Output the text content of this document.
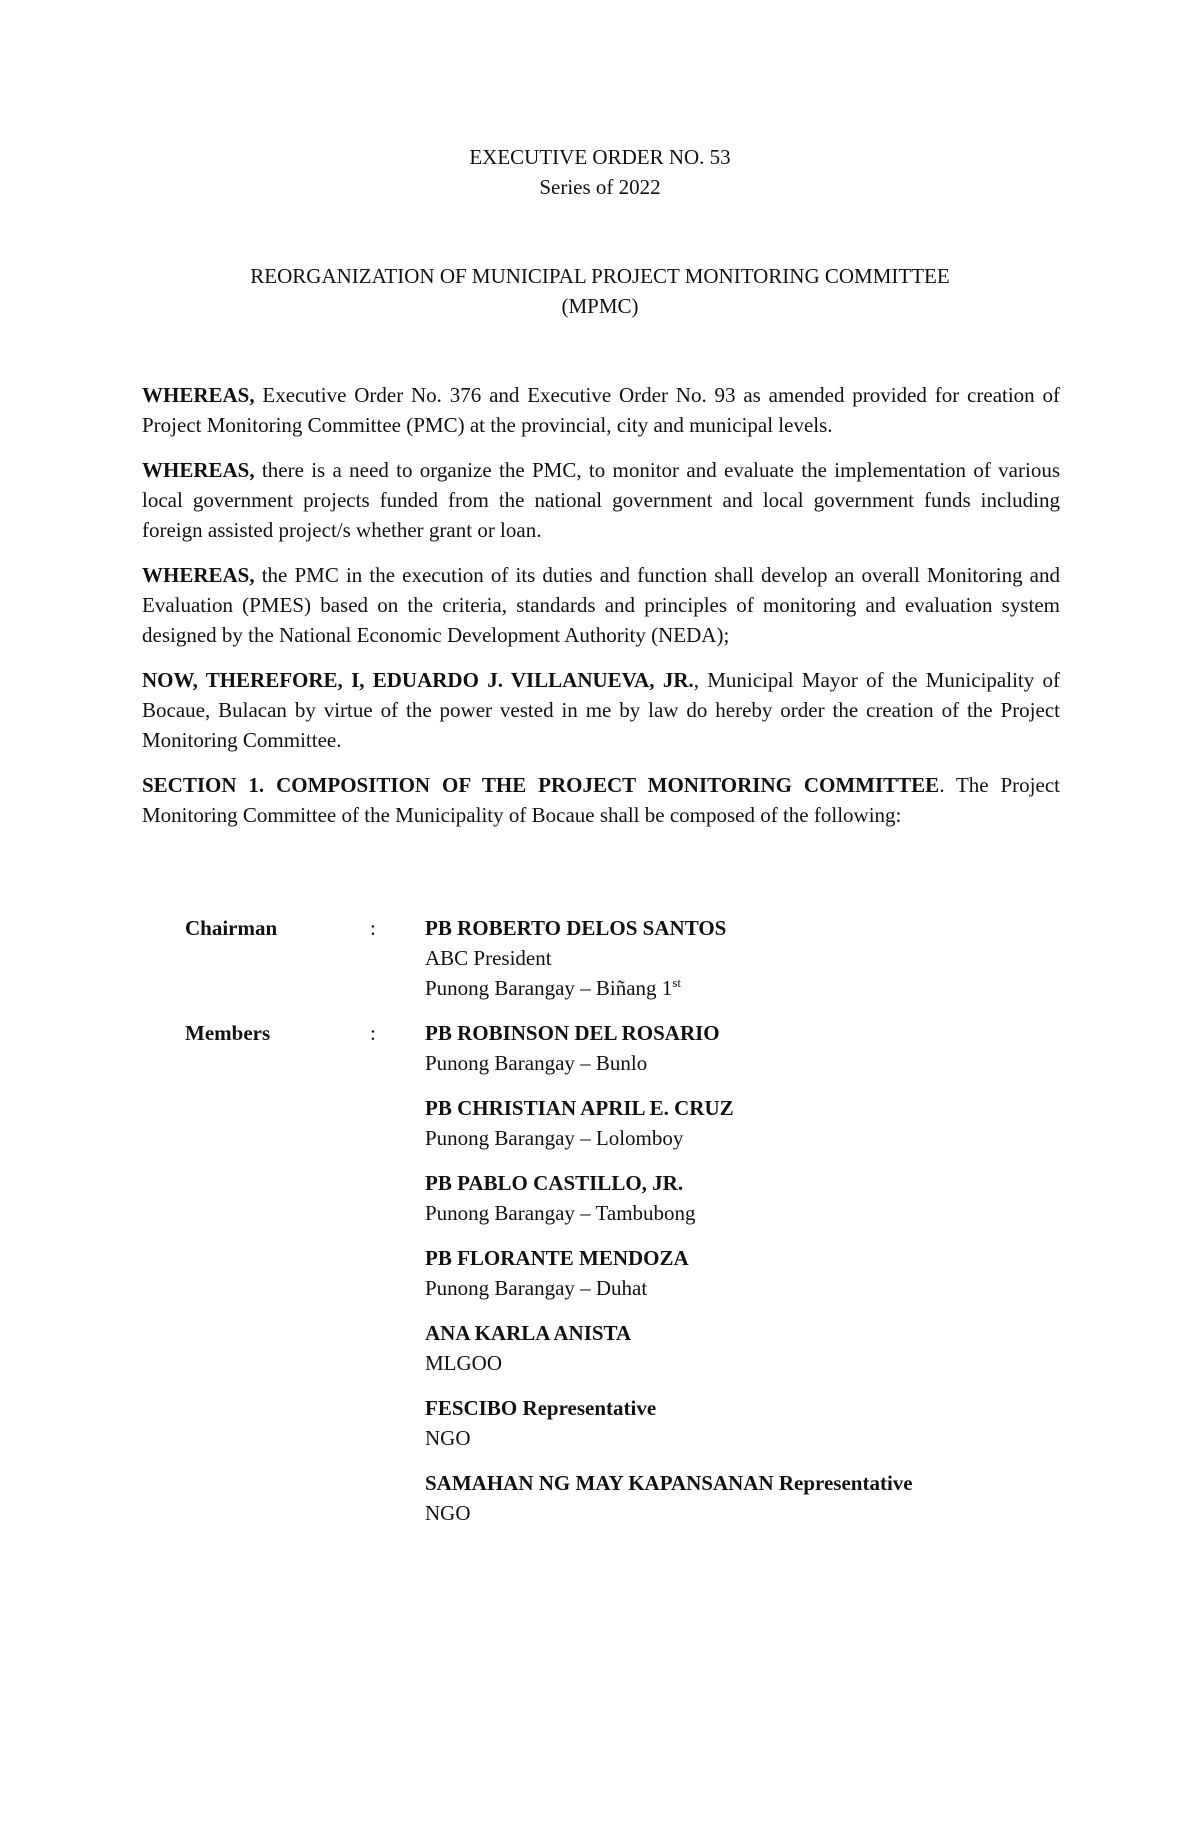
EXECUTIVE ORDER NO. 53
Series of 2022
REORGANIZATION OF MUNICIPAL PROJECT MONITORING COMMITTEE
(MPMC)

WHEREAS, Executive Order No. 376 and Executive Order No. 93 as amended provided for creation of Project Monitoring Committee (PMC) at the provincial, city and municipal levels.

WHEREAS, there is a need to organize the PMC, to monitor and evaluate the implementation of various local government projects funded from the national government and local government funds including foreign assisted project/s whether grant or loan.

WHEREAS, the PMC in the execution of its duties and function shall develop an overall Monitoring and Evaluation (PMES) based on the criteria, standards and principles of monitoring and evaluation system designed by the National Economic Development Authority (NEDA);

NOW, THEREFORE, I, EDUARDO J. VILLANUEVA, JR., Municipal Mayor of the Municipality of Bocaue, Bulacan by virtue of the power vested in me by law do hereby order the creation of the Project Monitoring Committee.

SECTION 1. COMPOSITION OF THE PROJECT MONITORING COMMITTEE. The Project Monitoring Committee of the Municipality of Bocaue shall be composed of the following:

Chairman	:	PB ROBERTO DELOS SANTOS
ABC President
Punong Barangay – Biñang 1st
Members	:	PB ROBINSON DEL ROSARIO
Punong Barangay – Bunlo
PB CHRISTIAN APRIL E. CRUZ
Punong Barangay – Lolomboy
PB PABLO CASTILLO, JR.
Punong Barangay – Tambubong
PB FLORANTE MENDOZA
Punong Barangay – Duhat
ANA KARLA ANISTA
MLGOO
FESCIBO Representative
NGO
SAMAHAN NG MAY KAPANSANAN Representative
NGO
